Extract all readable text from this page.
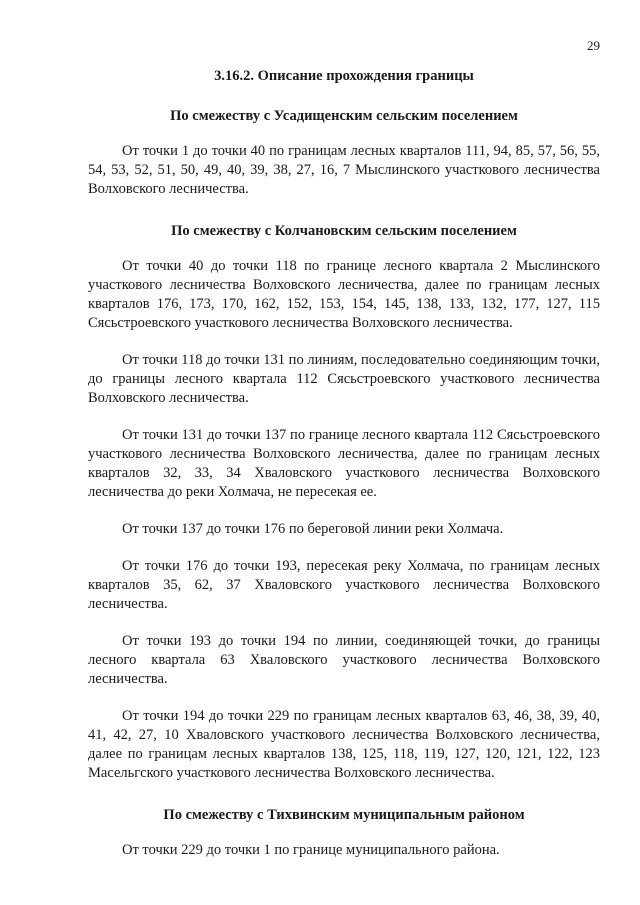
29
3.16.2. Описание прохождения границы
По смежеству с Усадищенским сельским поселением

От точки 1 до точки 40 по границам лесных кварталов 111, 94, 85, 57, 56, 55, 54, 53, 52, 51, 50, 49, 40, 39, 38, 27, 16, 7 Мыслинского участкового лесничества Волховского лесничества.

По смежеству с Колчановским сельским поселением

От точки 40 до точки 118 по границе лесного квартала 2 Мыслинского участкового лесничества Волховского лесничества, далее по границам лесных кварталов 176, 173, 170, 162, 152, 153, 154, 145, 138, 133, 132, 177, 127, 115 Сясьстроевского участкового лесничества Волховского лесничества.

От точки 118 до точки 131 по линиям, последовательно соединяющим точки, до границы лесного квартала 112 Сясьстроевского участкового лесничества Волховского лесничества.

От точки 131 до точки 137 по границе лесного квартала 112 Сясьстроевского участкового лесничества Волховского лесничества, далее по границам лесных кварталов 32, 33, 34 Хваловского участкового лесничества Волховского лесничества до реки Холмача, не пересекая ее.

От точки 137 до точки 176 по береговой линии реки Холмача.

От точки 176 до точки 193, пересекая реку Холмача, по границам лесных кварталов 35, 62, 37 Хваловского участкового лесничества Волховского лесничества.

От точки 193 до точки 194 по линии, соединяющей точки, до границы лесного квартала 63 Хваловского участкового лесничества Волховского лесничества.

От точки 194 до точки 229 по границам лесных кварталов 63, 46, 38, 39, 40, 41, 42, 27, 10 Хваловского участкового лесничества Волховского лесничества, далее по границам лесных кварталов 138, 125, 118, 119, 127, 120, 121, 122, 123 Масельгского участкового лесничества Волховского лесничества.

По смежеству с Тихвинским муниципальным районом

От точки 229 до точки 1 по границе муниципального района.
